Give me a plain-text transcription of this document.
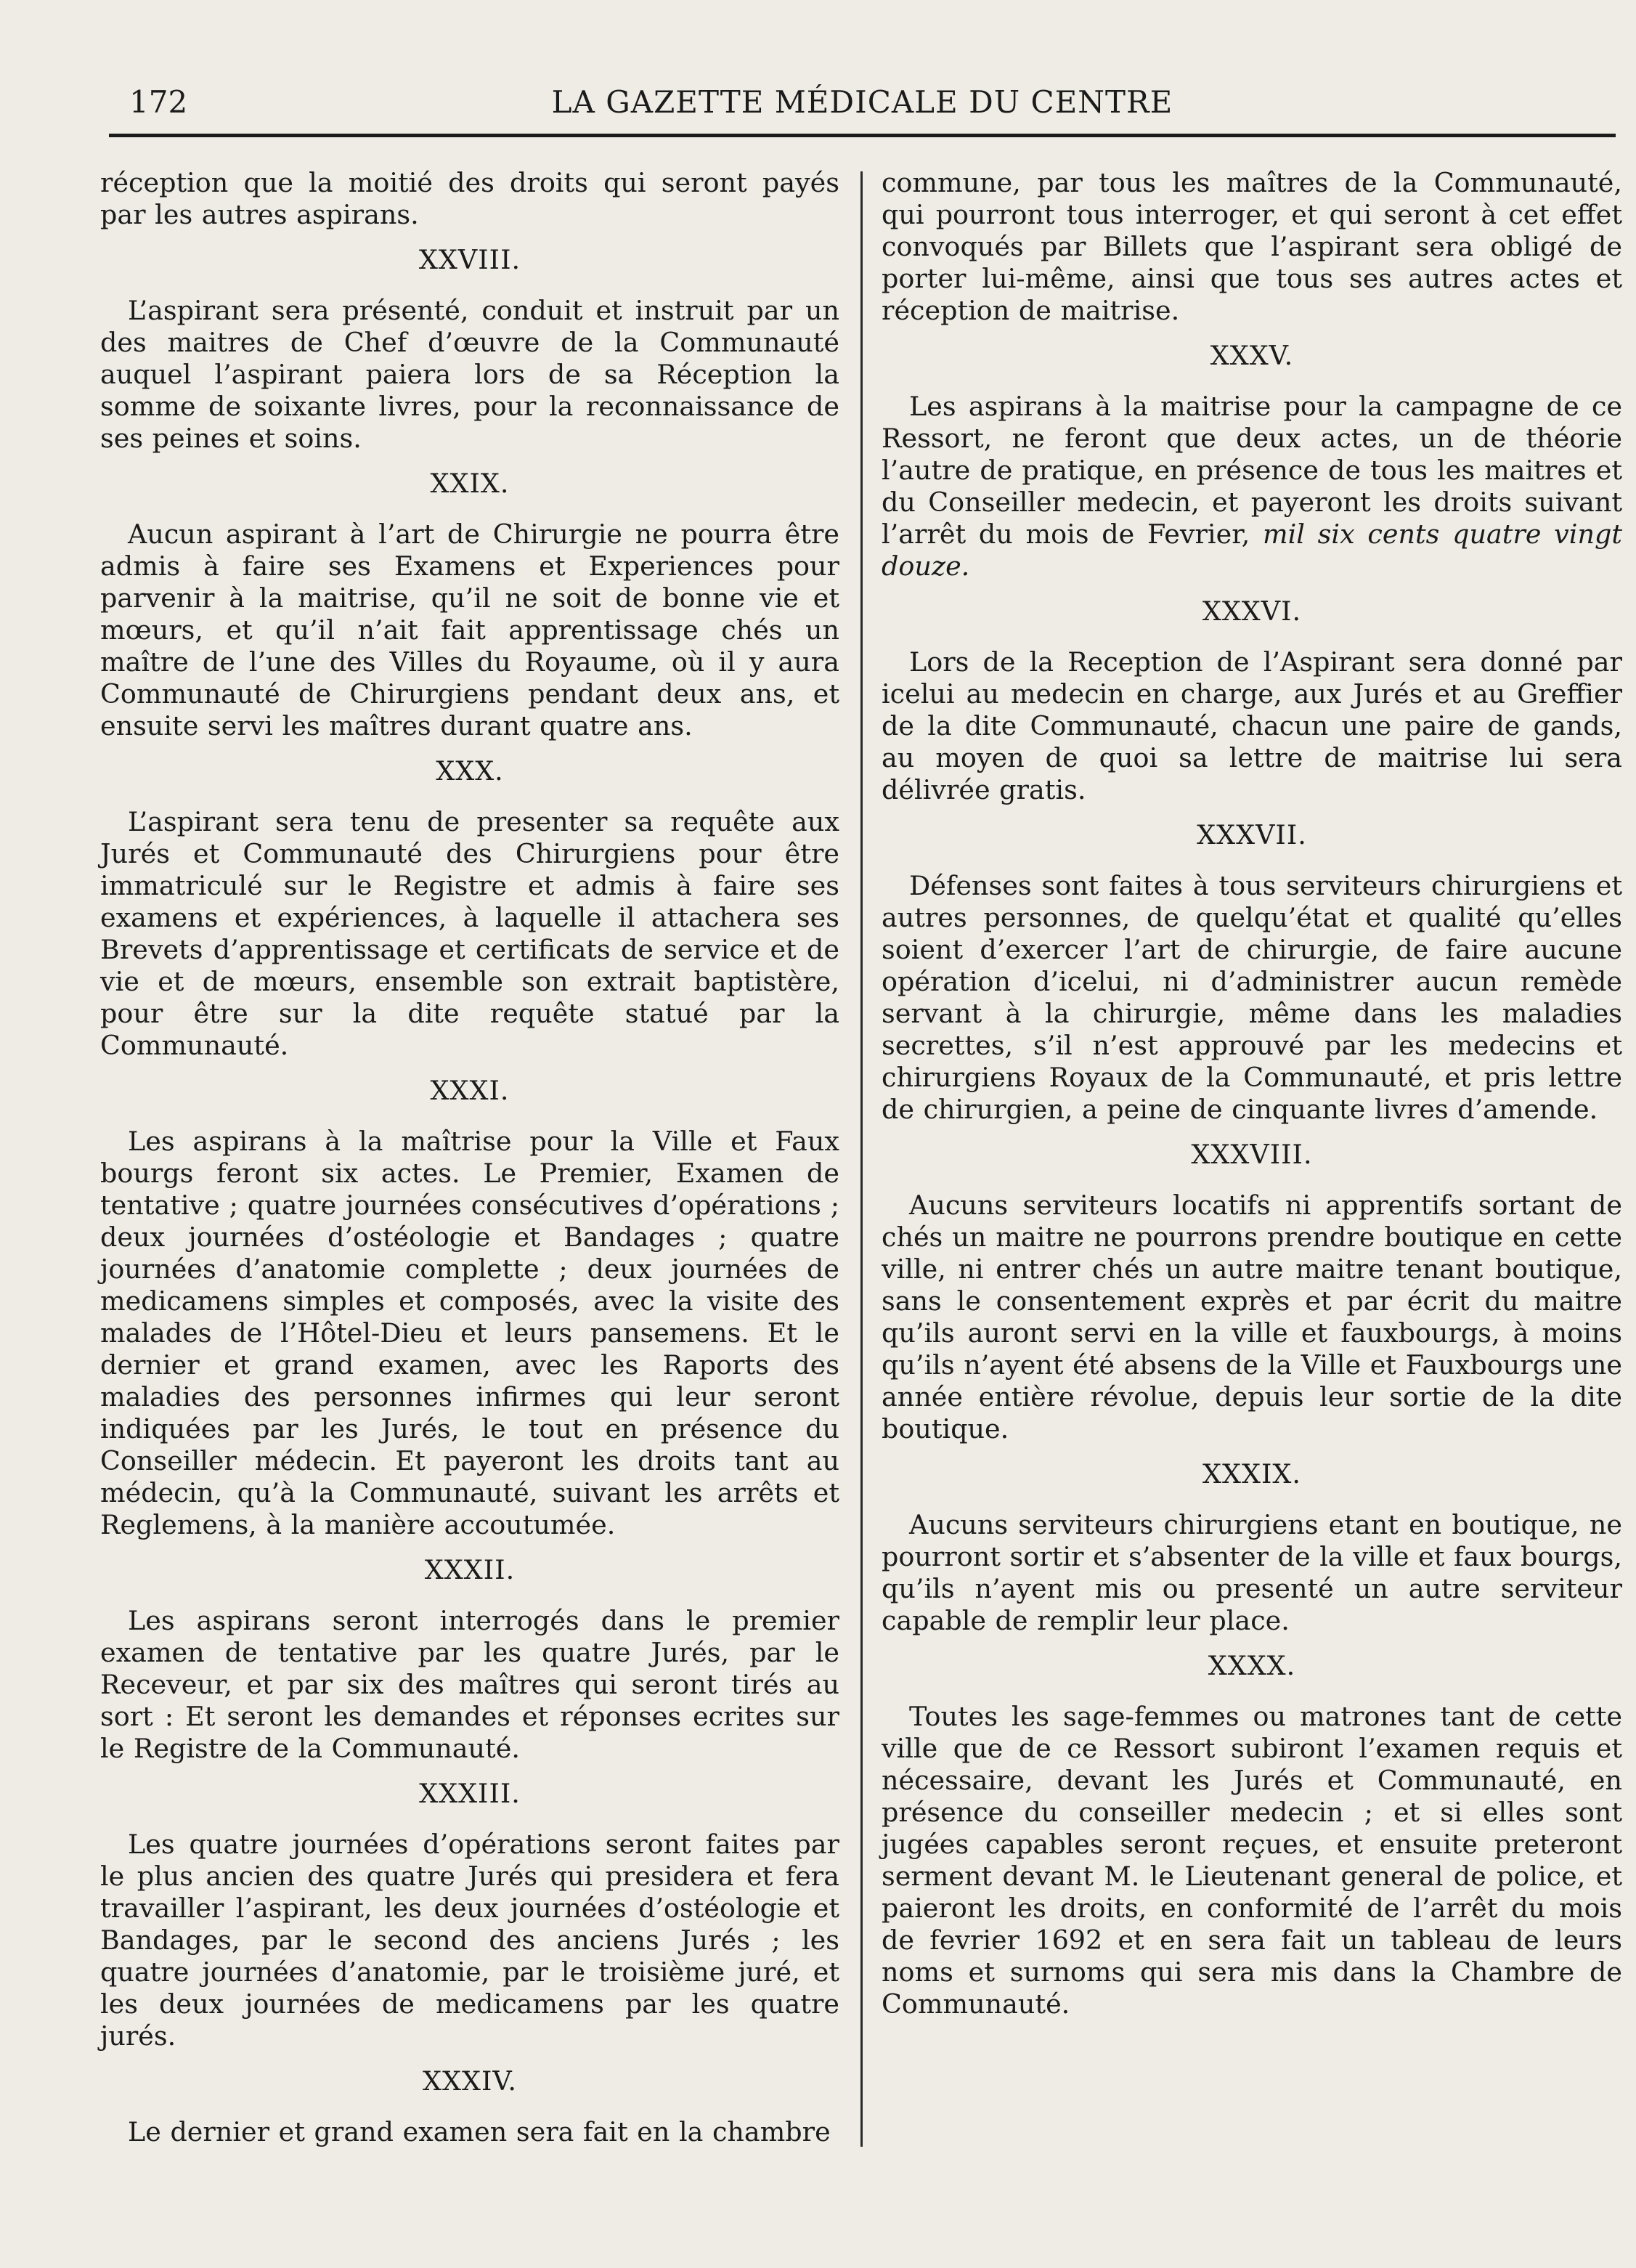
172	LA GAZETTE MÉDICALE DU CENTRE
réception que la moitié des droits qui seront payés par les autres aspirans.
XXVIII.
L’aspirant sera présenté, conduit et instruit par un des maitres de Chef d’œuvre de la Communauté auquel l’aspirant paiera lors de sa Réception la somme de soixante livres, pour la reconnaissance de ses peines et soins.
XXIX.
Aucun aspirant à l’art de Chirurgie ne pourra être admis à faire ses Examens et Experiences pour parvenir à la maitrise, qu’il ne soit de bonne vie et mœurs, et qu’il n’ait fait apprentissage chés un maître de l’une des Villes du Royaume, où il y aura Communauté de Chirurgiens pendant deux ans, et ensuite servi les maîtres durant quatre ans.
XXX.
L’aspirant sera tenu de presenter sa requête aux Jurés et Communauté des Chirurgiens pour être immatriculé sur le Registre et admis à faire ses examens et expériences, à laquelle il attachera ses Brevets d’apprentissage et certificats de service et de vie et de mœurs, ensemble son extrait baptistère, pour être sur la dite requête statué par la Communauté.
XXXI.
Les aspirans à la maîtrise pour la Ville et Faux bourgs feront six actes. Le Premier, Examen de tentative ; quatre journées consécutives d’opérations ; deux journées d’ostéologie et Bandages ; quatre journées d’anatomie complette ; deux journées de medicamens simples et composés, avec la visite des malades de l’Hôtel-Dieu et leurs pansemens. Et le dernier et grand examen, avec les Raports des maladies des personnes infirmes qui leur seront indiquées par les Jurés, le tout en présence du Conseiller médecin. Et payeront les droits tant au médecin, qu’à la Communauté, suivant les arrêts et Reglemens, à la manière accoutumée.
XXXII.
Les aspirans seront interrogés dans le premier examen de tentative par les quatre Jurés, par le Receveur, et par six des maîtres qui seront tirés au sort : Et seront les demandes et réponses ecrites sur le Registre de la Communauté.
XXXIII.
Les quatre journées d’opérations seront faites par le plus ancien des quatre Jurés qui presidera et fera travailler l’aspirant, les deux journées d’ostéologie et Bandages, par le second des anciens Jurés ; les quatre journées d’anatomie, par le troisième juré, et les deux journées de medicamens par les quatre jurés.
XXXIV.
Le dernier et grand examen sera fait en la chambre
commune, par tous les maîtres de la Communauté, qui pourront tous interroger, et qui seront à cet effet convoqués par Billets que l’aspirant sera obligé de porter lui-même, ainsi que tous ses autres actes et réception de maitrise.
XXXV.
Les aspirans à la maitrise pour la campagne de ce Ressort, ne feront que deux actes, un de théorie l’autre de pratique, en présence de tous les maitres et du Conseiller medecin, et payeront les droits suivant l’arrêt du mois de Fevrier, mil six cents quatre vingt douze.
XXXVI.
Lors de la Reception de l’Aspirant sera donné par icelui au medecin en charge, aux Jurés et au Greffier de la dite Communauté, chacun une paire de gands, au moyen de quoi sa lettre de maitrise lui sera délivrée gratis.
XXXVII.
Défenses sont faites à tous serviteurs chirurgiens et autres personnes, de quelqu’état et qualité qu’elles soient d’exercer l’art de chirurgie, de faire aucune opération d’icelui, ni d’administrer aucun remède servant à la chirurgie, même dans les maladies secrettes, s’il n’est approuvé par les medecins et chirurgiens Royaux de la Communauté, et pris lettre de chirurgien, a peine de cinquante livres d’amende.
XXXVIII.
Aucuns serviteurs locatifs ni apprentifs sortant de chés un maitre ne pourrons prendre boutique en cette ville, ni entrer chés un autre maitre tenant boutique, sans le consentement exprès et par écrit du maitre qu’ils auront servi en la ville et fauxbourgs, à moins qu’ils n’ayent été absens de la Ville et Fauxbourgs une année entière révolue, depuis leur sortie de la dite boutique.
XXXIX.
Aucuns serviteurs chirurgiens etant en boutique, ne pourront sortir et s’absenter de la ville et faux bourgs, qu’ils n’ayent mis ou presenté un autre serviteur capable de remplir leur place.
XXXX.
Toutes les sage-femmes ou matrones tant de cette ville que de ce Ressort subiront l’examen requis et nécessaire, devant les Jurés et Communauté, en présence du conseiller medecin ; et si elles sont jugées capables seront reçues, et ensuite preteront serment devant M. le Lieutenant general de police, et paieront les droits, en conformité de l’arrêt du mois de fevrier 1692 et en sera fait un tableau de leurs noms et surnoms qui sera mis dans la Chambre de Communauté.
